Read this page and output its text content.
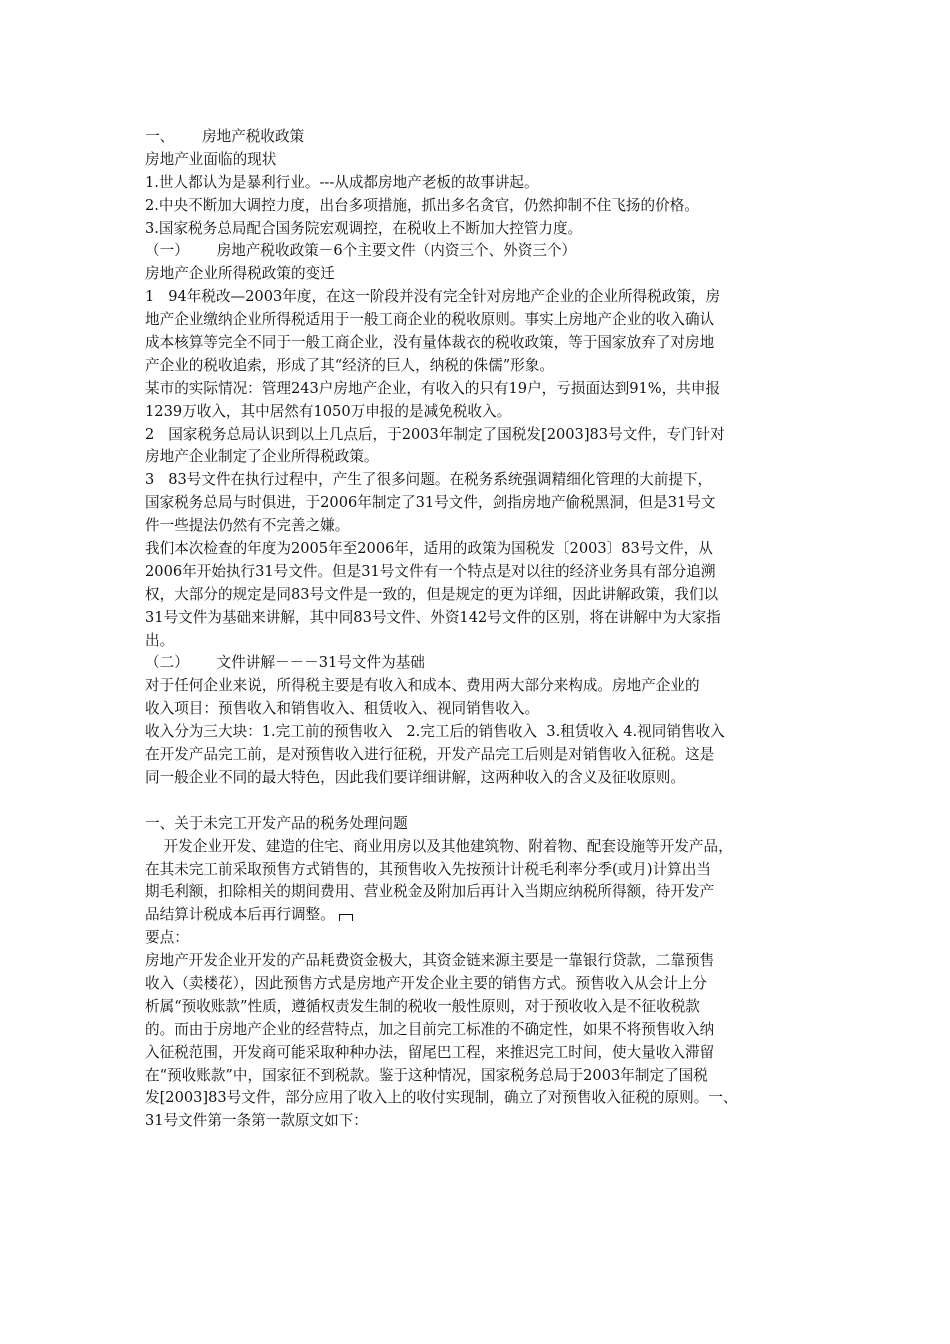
一、      房地产税收政策
房地产业面临的现状
1.世人都认为是暴利行业。---从成都房地产老板的故事讲起。
2.中央不断加大调控力度，出台多项措施，抓出多名贪官，仍然抑制不住飞扬的价格。
3.国家税务总局配合国务院宏观调控，在税收上不断加大控管力度。
（一）      房地产税收政策－6个主要文件（内资三个、外资三个）
房地产企业所得税政策的变迁
1   94年税改—2003年度，在这一阶段并没有完全针对房地产企业的企业所得税政策，房
地产企业缴纳企业所得税适用于一般工商企业的税收原则。事实上房地产企业的收入确认
成本核算等完全不同于一般工商企业，没有量体裁衣的税收政策，等于国家放弃了对房地
产企业的税收追索，形成了其“经济的巨人，纳税的侏儒”形象。
某市的实际情况：管理243户房地产企业，有收入的只有19户，亏损面达到91%，共申报
1239万收入，其中居然有1050万申报的是减免税收入。
2   国家税务总局认识到以上几点后，于2003年制定了国税发[2003]83号文件，专门针对
房地产企业制定了企业所得税政策。
3   83号文件在执行过程中，产生了很多问题。在税务系统强调精细化管理的大前提下，
国家税务总局与时俱进，于2006年制定了31号文件，剑指房地产偷税黑洞，但是31号文
件一些提法仍然有不完善之嫌。
我们本次检查的年度为2005年至2006年，适用的政策为国税发〔2003〕83号文件，从
2006年开始执行31号文件。但是31号文件有一个特点是对以往的经济业务具有部分追溯
权，大部分的规定是同83号文件是一致的，但是规定的更为详细，因此讲解政策，我们以
31号文件为基础来讲解，其中同83号文件、外资142号文件的区别，将在讲解中为大家指
出。
（二）      文件讲解－－－31号文件为基础
对于任何企业来说，所得税主要是有收入和成本、费用两大部分来构成。房地产企业的
收入项目：预售收入和销售收入、租赁收入、视同销售收入。
收入分为三大块：1.完工前的预售收入   2.完工后的销售收入  3.租赁收入 4.视同销售收入
在开发产品完工前，是对预售收入进行征税，开发产品完工后则是对销售收入征税。这是
同一般企业不同的最大特色，因此我们要详细讲解，这两种收入的含义及征收原则。
一、关于未完工开发产品的税务处理问题
开发企业开发、建造的住宅、商业用房以及其他建筑物、附着物、配套设施等开发产品，
在其未完工前采取预售方式销售的，其预售收入先按预计计税毛利率分季(或月)计算出当
期毛利额，扣除相关的期间费用、营业税金及附加后再计入当期应纳税所得额，待开发产
品结算计税成本后再行调整。
要点：
房地产开发企业开发的产品耗费资金极大，其资金链来源主要是一靠银行贷款，二靠预售
收入（卖楼花），因此预售方式是房地产开发企业主要的销售方式。预售收入从会计上分
析属“预收账款”性质，遵循权责发生制的税收一般性原则，对于预收收入是不征收税款
的。而由于房地产企业的经营特点，加之目前完工标准的不确定性，如果不将预售收入纳
入征税范围，开发商可能采取种种办法，留尾巴工程，来推迟完工时间，使大量收入滞留
在“预收账款”中，国家征不到税款。鉴于这种情况，国家税务总局于2003年制定了国税
发[2003]83号文件，部分应用了收入上的收付实现制，确立了对预售收入征税的原则。一、
31号文件第一条第一款原文如下：
